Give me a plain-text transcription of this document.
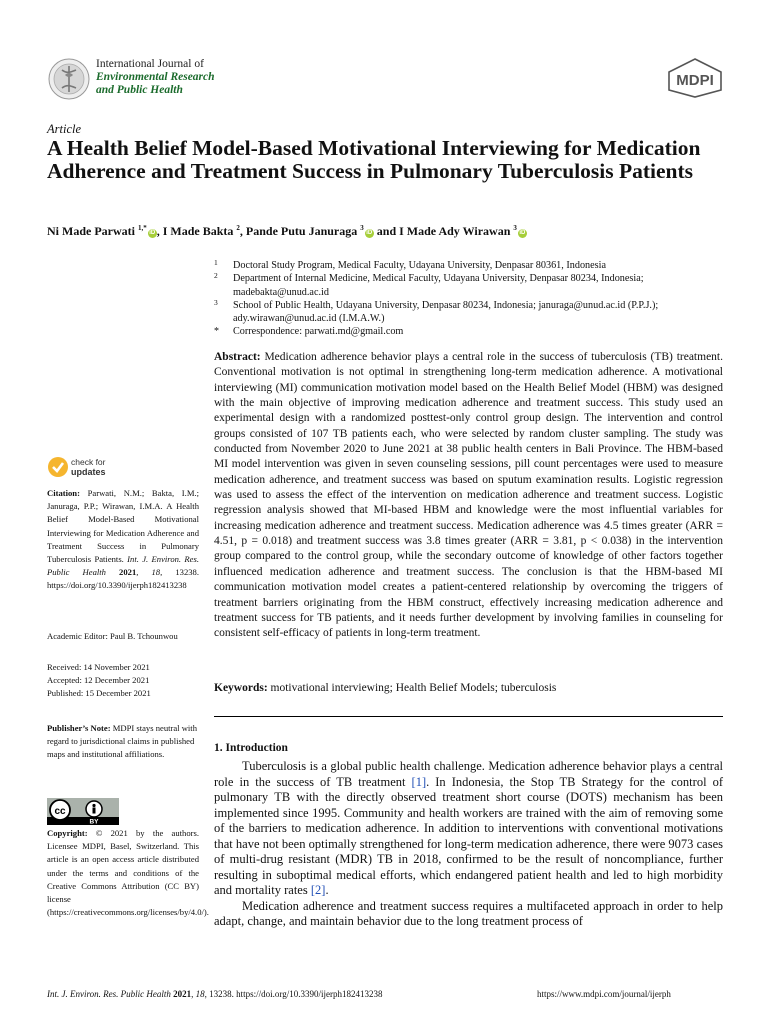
International Journal of
Environmental Research
and Public Health
MDPI
Article
A Health Belief Model-Based Motivational Interviewing for Medication Adherence and Treatment Success in Pulmonary Tuberculosis Patients
Ni Made Parwati $^{1,*}$iD , I Made Bakta $^2$, Pande Putu Januraga $^3$iD and I Made Ady Wirawan $^3$iD
1 Doctoral Study Program, Medical Faculty, Udayana University, Denpasar 80361, Indonesia
2 Department of Internal Medicine, Medical Faculty, Udayana University, Denpasar 80234, Indonesia; madebakta@unud.ac.id
3 School of Public Health, Udayana University, Denpasar 80234, Indonesia; januraga@unud.ac.id (P.P.J.); ady.wirawan@unud.ac.id (I.M.A.W.)
* Correspondence: parwati.md@gmail.com
Abstract: Medication adherence behavior plays a central role in the success of tuberculosis (TB) treatment. Conventional motivation is not optimal in strengthening long-term medication adherence. A motivational interviewing (MI) communication motivation model based on the Health Belief Model (HBM) was designed with the main objective of improving medication adherence and treatment success. This study used an experimental design with a randomized posttest-only control group design. The intervention and control groups consisted of 107 TB patients each, who were selected by random cluster sampling. The study was conducted from November 2020 to June 2021 at 38 public health centers in Bali Province. The HBM-based MI model intervention was given in seven counseling sessions, pill count percentages were used to measure medication adherence, and treatment success was based on sputum examination results. Logistic regression was used to assess the effect of the intervention on medication adherence and treatment success. Logistic regression analysis showed that MI-based HBM and knowledge were the most influential variables for increasing medication adherence and treatment success. Medication adherence was 4.5 times greater (ARR = 4.51, p = 0.018) and treatment success was 3.8 times greater (ARR = 3.81, p < 0.038) in the intervention group compared to the control group, while the secondary outcome of knowledge of other factors together influenced medication adherence and treatment success. The conclusion is that the HBM-based MI communication motivation model creates a patient-centered relationship by overcoming the triggers of treatment barriers originating from the HBM construct, effectively increasing medication adherence and treatment success for TB patients, and it needs further development by involving families in counseling for consistent self-efficacy of patients in long-term treatment.
Keywords: motivational interviewing; Health Belief Models; tuberculosis
1. Introduction

Tuberculosis is a global public health challenge. Medication adherence behavior plays a central role in the success of TB treatment [1]. In Indonesia, the Stop TB Strategy for the control of pulmonary TB with the directly observed treatment short course (DOTS) mechanism has been implemented since 1995. Community and health workers are trained with the aim of removing some of the barriers to medication adherence. In addition to interventions with conventional motivations that have not been optimally strengthened for long-term medication adherence, there were 9073 cases of multi-drug resistant (MDR) TB in 2018, confirmed to be the result of noncompliance, further resulting in suboptimal medical efforts, which endangered patient health and led to high morbidity and mortality rates [2].

Medication adherence and treatment success requires a multifaceted approach in order to help adapt, change, and maintain behavior due to the long treatment process of

check for
updates
Citation: Parwati, N.M.; Bakta, I.M.; Januraga, P.P.; Wirawan, I.M.A. A Health Belief Model-Based Motivational Interviewing for Medication Adherence and Treatment Success in Pulmonary Tuberculosis Patients. Int. J. Environ. Res. Public Health 2021, 18, 13238. https://doi.org/10.3390/ijerph182413238
Academic Editor: Paul B. Tchounwou
Received: 14 November 2021
Accepted: 12 December 2021
Published: 15 December 2021
Publisher’s Note: MDPI stays neutral with regard to jurisdictional claims in published maps and institutional affiliations.
cc
BY
Copyright: © 2021 by the authors. Licensee MDPI, Basel, Switzerland. This article is an open access article distributed under the terms and conditions of the Creative Commons Attribution (CC BY) license (https://creativecommons.org/licenses/by/4.0/).
Int. J. Environ. Res. Public Health 2021, 18, 13238. https://doi.org/10.3390/ijerph182413238	https://www.mdpi.com/journal/ijerph
